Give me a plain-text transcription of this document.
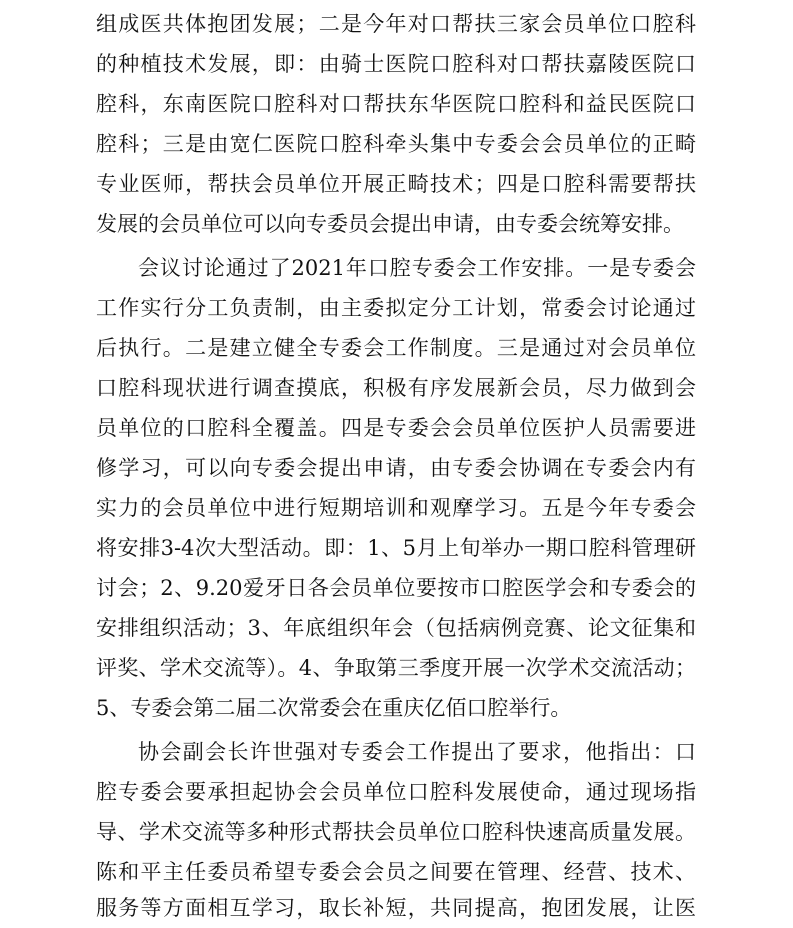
组成医共体抱团发展；二是今年对口帮扶三家会员单位口腔科
的种植技术发展，即：由骑士医院口腔科对口帮扶嘉陵医院口
腔科，东南医院口腔科对口帮扶东华医院口腔科和益民医院口
腔科；三是由宽仁医院口腔科牵头集中专委会会员单位的正畸
专业医师，帮扶会员单位开展正畸技术；四是口腔科需要帮扶
发展的会员单位可以向专委员会提出申请，由专委会统筹安排。
会议讨论通过了2021年口腔专委会工作安排。一是专委会
工作实行分工负责制，由主委拟定分工计划，常委会讨论通过
后执行。二是建立健全专委会工作制度。三是通过对会员单位
口腔科现状进行调查摸底，积极有序发展新会员，尽力做到会
员单位的口腔科全覆盖。四是专委会会员单位医护人员需要进
修学习，可以向专委会提出申请，由专委会协调在专委会内有
实力的会员单位中进行短期培训和观摩学习。五是今年专委会
将安排3-4次大型活动。即：1、5月上旬举办一期口腔科管理研
讨会；2、9.20爱牙日各会员单位要按市口腔医学会和专委会的
安排组织活动；3、年底组织年会（包括病例竞赛、论文征集和
评奖、学术交流等）。4、争取第三季度开展一次学术交流活动；
5、专委会第二届二次常委会在重庆亿佰口腔举行。
协会副会长许世强对专委会工作提出了要求，他指出：口
腔专委会要承担起协会会员单位口腔科发展使命，通过现场指
导、学术交流等多种形式帮扶会员单位口腔科快速高质量发展。
陈和平主任委员希望专委会会员之间要在管理、经营、技术、
服务等方面相互学习，取长补短，共同提高，抱团发展，让医
